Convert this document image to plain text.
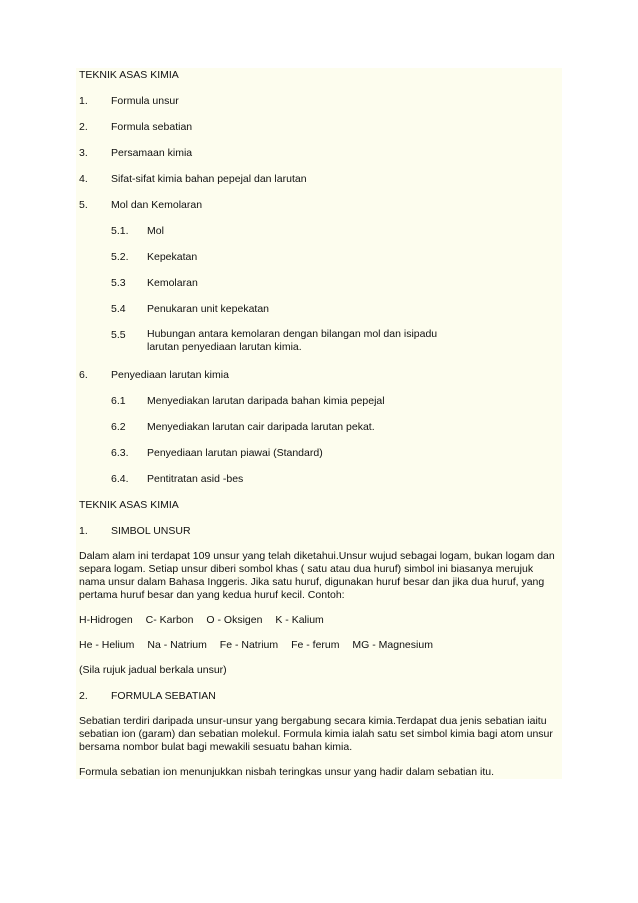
TEKNIK ASAS KIMIA
1. Formula unsur
2. Formula sebatian
3. Persamaan kimia
4. Sifat-sifat kimia bahan pepejal dan larutan
5. Mol dan Kemolaran
5.1. Mol
5.2. Kepekatan
5.3 Kemolaran
5.4 Penukaran unit kepekatan
5.5 Hubungan antara kemolaran dengan bilangan mol dan isipadu larutan penyediaan larutan kimia.
6. Penyediaan larutan kimia
6.1 Menyediakan larutan daripada bahan kimia pepejal
6.2 Menyediakan larutan cair daripada larutan pekat.
6.3. Penyediaan larutan piawai (Standard)
6.4. Pentitratan asid -bes
TEKNIK ASAS KIMIA
1. SIMBOL UNSUR
Dalam alam ini terdapat 109 unsur yang telah diketahui.Unsur wujud sebagai logam, bukan logam dan separa logam. Setiap unsur diberi sombol khas ( satu atau dua huruf) simbol ini biasanya merujuk nama unsur dalam Bahasa Inggeris. Jika satu huruf, digunakan huruf besar dan jika dua huruf, yang pertama huruf besar dan yang kedua huruf kecil. Contoh:
H-Hidrogen C- Karbon O - Oksigen K - Kalium
He - Helium Na - Natrium Fe - Natrium Fe - ferum MG - Magnesium
(Sila rujuk jadual berkala unsur)
2. FORMULA SEBATIAN
Sebatian terdiri daripada unsur-unsur yang bergabung secara kimia.Terdapat dua jenis sebatian iaitu sebatian ion (garam) dan sebatian molekul. Formula kimia ialah satu set simbol kimia bagi atom unsur bersama nombor bulat bagi mewakili sesuatu bahan kimia.
Formula sebatian ion menunjukkan nisbah teringkas unsur yang hadir dalam sebatian itu.
